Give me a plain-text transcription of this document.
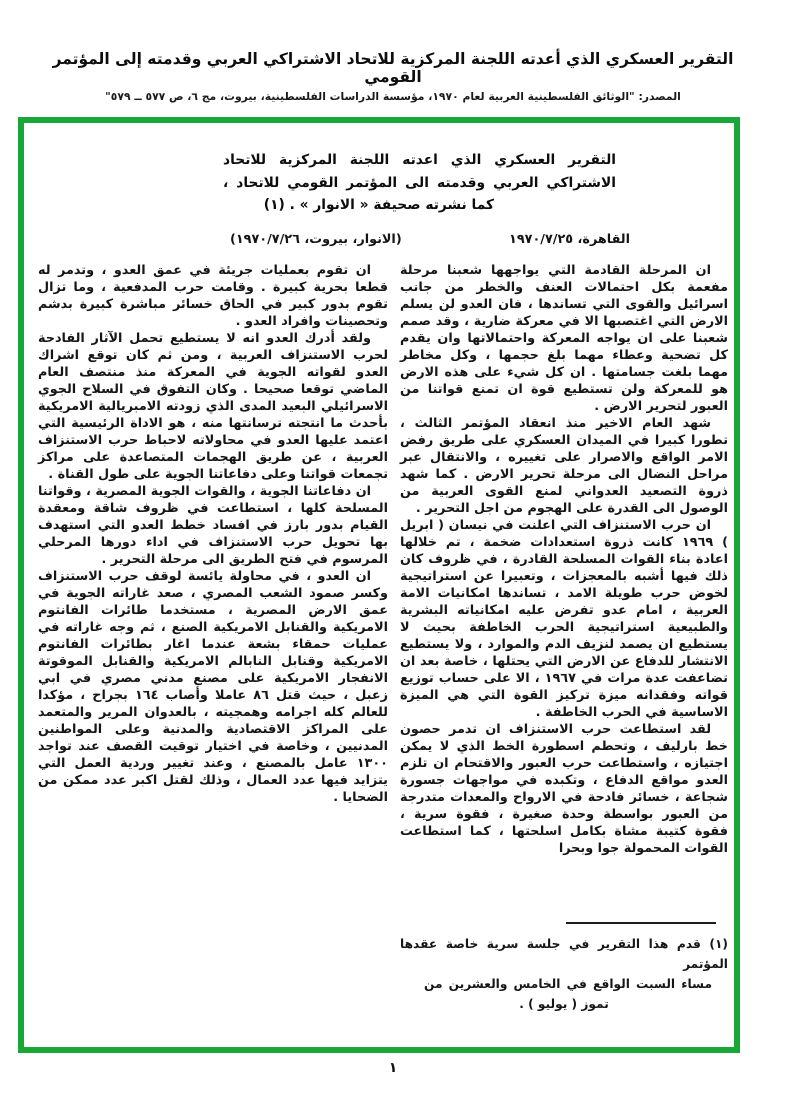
التقرير العسكري الذي أعدته اللجنة المركزية للاتحاد الاشتراكي العربي وقدمته إلى المؤتمر القومي
المصدر: "الوثائق الفلسطينية العربية لعام ١٩٧٠، مؤسسة الدراسات الفلسطينية، بيروت، مج ٦، ص ٥٧٧ ــ ٥٧٩"
التقرير العسكري الذي اعدته اللجنة المركزية للاتحاد
الاشتراكي العربي وقدمته الى المؤتمر القومي للاتحاد ،
كما نشرته صحيفة « الانوار » . (١)
القاهرة، ١٩٧٠/٧/٢٥
(الانوار، بيروت، ١٩٧٠/٧/٢٦)

ان المرحلة القادمة التي يواجهها شعبنا مرحلة مفعمة بكل احتمالات العنف والخطر من جانب اسرائيل والقوى التي تساندها ، فان العدو لن يسلم الارض التي اغتصبها الا في معركة ضارية ، وقد صمم شعبنا على ان يواجه المعركة واحتمالاتها وان يقدم كل تضحية وعطاء مهما بلغ حجمها ، وكل مخاطر مهما بلغت جسامتها . ان كل شيء على هذه الارض هو للمعركة ولن تستطيع قوة ان تمنع قواتنا من العبور لتحرير الارض .

شهد العام الاخير منذ انعقاد المؤتمر الثالث ، تطورا كبيرا في الميدان العسكري على طريق رفض الامر الواقع والاصرار على تغييره ، والانتقال عبر مراحل النضال الى مرحلة تحرير الارض . كما شهد ذروة التصعيد العدواني لمنع القوى العربية من الوصول الى القدرة على الهجوم من اجل التحرير .

ان حرب الاستنزاف التي اعلنت في نيسان ( ابريل ) ١٩٦٩ كانت ذروة استعدادات ضخمة ، تم خلالها اعادة بناء القوات المسلحة القادرة ، في ظروف كان ذلك فيها أشبه بالمعجزات ، وتعبيرا عن استراتيجية لخوض حرب طويلة الامد ، تساندها امكانيات الامة العربية ، امام عدو تفرض عليه امكانياته البشرية والطبيعية استراتيجية الحرب الخاطفة بحيث لا يستطيع ان يصمد لنزيف الدم والموارد ، ولا يستطيع الانتشار للدفاع عن الارض التي يحتلها ، خاصة بعد ان تضاعفت عدة مرات في ١٩٦٧ ، الا على حساب توزيع قواته وفقدانه ميزة تركيز القوة التي هي الميزة الاساسية في الحرب الخاطفة .

لقد استطاعت حرب الاستنزاف ان تدمر حصون خط بارليف ، وتحطم اسطورة الخط الذي لا يمكن اجتيازه ، واستطاعت حرب العبور والاقتحام ان تلزم العدو مواقع الدفاع ، وتكبده في مواجهات جسورة شجاعة ، خسائر فادحة في الارواح والمعدات متدرجة من العبور بواسطة وحدة صغيرة ، فقوة سرية ، فقوة كتيبة مشاة بكامل اسلحتها ، كما استطاعت القوات المحمولة جوا وبحرا

(١) قدم هذا التقرير في جلسة سرية خاصة عقدها المؤتمر
مساء السبت الواقع في الخامس والعشرين من
تموز ( يوليو ) .

ان تقوم بعمليات جريئة في عمق العدو ، وتدمر له قطعا بحرية كبيرة . وقامت حرب المدفعية ، وما تزال تقوم بدور كبير في الحاق خسائر مباشرة كبيرة بدشم وتحصينات وافراد العدو .

ولقد أدرك العدو انه لا يستطيع تحمل الآثار الفادحة لحرب الاستنزاف العربية ، ومن ثم كان توقع اشراك العدو لقواته الجوية في المعركة منذ منتصف العام الماضي توقعا صحيحا . وكان التفوق في السلاح الجوي الاسرائيلي البعيد المدى الذي زودته الامبريالية الامريكية بأحدث ما انتجته ترسانتها منه ، هو الاداة الرئيسية التي اعتمد عليها العدو في محاولاته لاحباط حرب الاستنزاف العربية ، عن طريق الهجمات المتصاعدة على مراكز تجمعات قواتنا وعلى دفاعاتنا الجوية على طول القناة .

ان دفاعاتنا الجوية ، والقوات الجوية المصرية ، وقواتنا المسلحة كلها ، استطاعت في ظروف شاقة ومعقدة القيام بدور بارز في افساد خطط العدو التي استهدف بها تحويل حرب الاستنزاف في اداء دورها المرحلي المرسوم في فتح الطريق الى مرحلة التحرير .

ان العدو ، في محاولة يائسة لوقف حرب الاستنزاف وكسر صمود الشعب المصري ، صعد غاراته الجوية في عمق الارض المصرية ، مستخدما طائرات الفانتوم الامريكية والقنابل الامريكية الصنع ، ثم وجه غاراته في عمليات حمقاء بشعة عندما اغار بطائرات الفانتوم الامريكية وقنابل النابالم الامريكية والقنابل الموقوتة الانفجار الامريكية على مصنع مدني مصري في ابي زعبل ، حيث قتل ٨٦ عاملا وأصاب ١٦٤ بجراح ، مؤكدا للعالم كله اجرامه وهمجيته ، بالعدوان المرير والمتعمد على المراكز الاقتصادية والمدنية وعلى المواطنين المدنيين ، وخاصة في اختيار توقيت القصف عند تواجد ١٣٠٠ عامل بالمصنع ، وعند تغيير وردية العمل التي يتزايد فيها عدد العمال ، وذلك لقتل اكبر عدد ممكن من الضحايا .

١
